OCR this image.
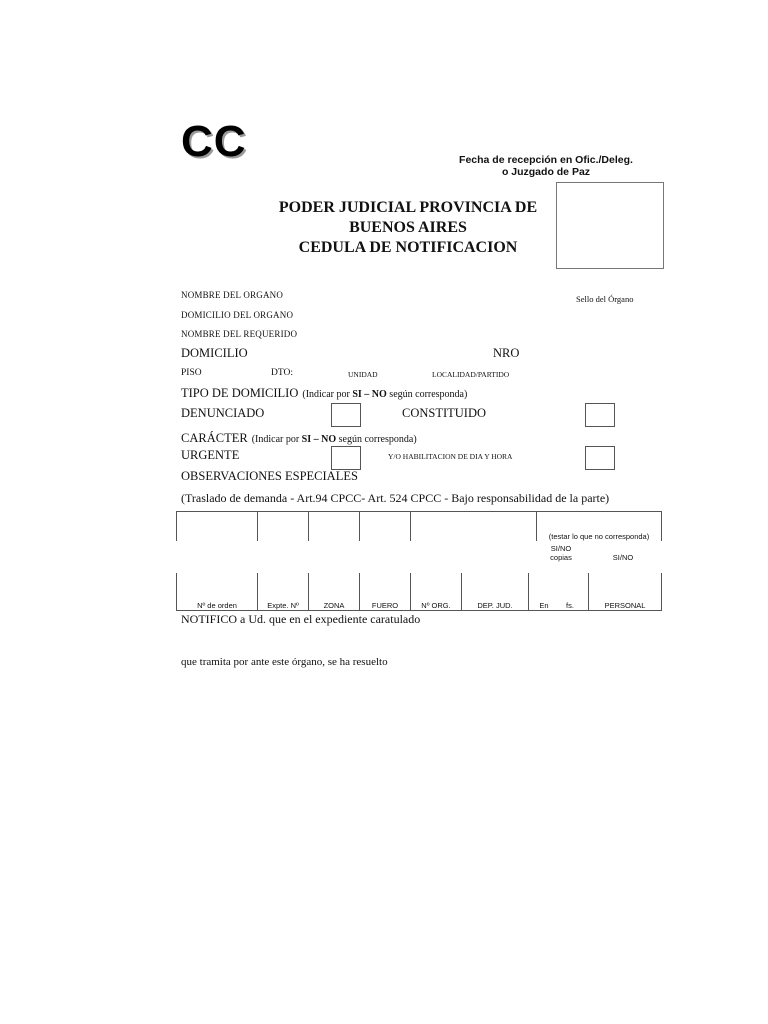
CC	Fecha de recepción en Ofic./Deleg.
o Juzgado de Paz
PODER JUDICIAL PROVINCIA DE
BUENOS AIRES
CEDULA DE NOTIFICACION
Sello del Órgano
NOMBRE DEL ORGANO
DOMICILIO DEL ORGANO
NOMBRE DEL REQUERIDO
DOMICILIO	NRO
PISO	DTO:	UNIDAD	LOCALIDAD/PARTIDO
TIPO DE DOMICILIO (Indicar por SI – NO según corresponda)
DENUNCIADO	CONSTITUIDO
CARÁCTER (Indicar por SI – NO según corresponda)
URGENTE	Y/O HABILITACION DE DIA Y HORA
OBSERVACIONES ESPECIALES
(Traslado de demanda - Art.94 CPCC- Art. 524 CPCC - Bajo responsabilidad de la parte)
(testar lo que no corresponda)
SI/NO
copias	SI/NO
Nº de orden	Expte. Nº	ZONA	FUERO	Nº ORG.	DEP. JUD.	En	fs.	PERSONAL
NOTIFICO a Ud. que en el expediente caratulado
que tramita por ante este órgano, se ha resuelto
